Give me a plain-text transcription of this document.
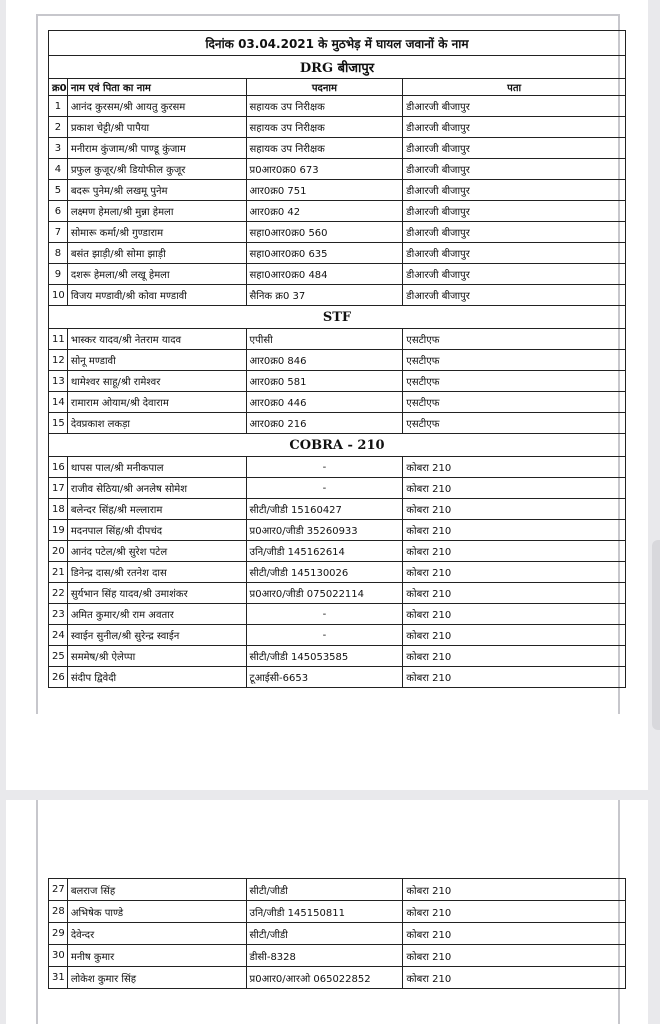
दिनांक 03.04.2021 के मुठभेड़ में घायल जवानों के नाम			
DRG बीजापुर			
क्र0	नाम एवं पिता का नाम	पदनाम	पता
1	आनंद कुरसम/श्री आयतु कुरसम	सहायक उप निरीक्षक	डीआरजी बीजापुर
2	प्रकाश चेट्टी/श्री पापैया	सहायक उप निरीक्षक	डीआरजी बीजापुर
3	मनीराम कुंजाम/श्री पाण्डू कुंजाम	सहायक उप निरीक्षक	डीआरजी बीजापुर
4	प्रफुल कुजूर/श्री डियोफील कुजूर	प्र0आर0क्र0 673	डीआरजी बीजापुर
5	बदरू पुनेम/श्री लखमू पुनेम	आर0क्र0 751	डीआरजी बीजापुर
6	लक्ष्मण हेमला/श्री मुन्ना हेमला	आर0क्र0 42	डीआरजी बीजापुर
7	सोमारू कर्मा/श्री गुण्डाराम	सहा0आर0क्र0 560	डीआरजी बीजापुर
8	बसंत झाड़ी/श्री सोमा झाड़ी	सहा0आर0क्र0 635	डीआरजी बीजापुर
9	दशरू हेमला/श्री लखू हेमला	सहा0आर0क्र0 484	डीआरजी बीजापुर
10	विजय मण्डावी/श्री कोवा मण्डावी	सैनिक क्र0 37	डीआरजी बीजापुर
STF			
11	भास्कर यादव/श्री नेतराम यादव	एपीसी	एसटीएफ
12	सोनू मण्डावी	आर0क्र0 846	एसटीएफ
13	थामेश्वर साहू/श्री रामेश्वर	आर0क्र0 581	एसटीएफ
14	रामाराम ओयाम/श्री देवाराम	आर0क्र0 446	एसटीएफ
15	देवप्रकाश लकड़ा	आर0क्र0 216	एसटीएफ
COBRA - 210			
16	थापस पाल/श्री मनीकपाल	-	कोबरा 210
17	राजीव सेठिया/श्री अनलेष सोमेश	-	कोबरा 210
18	बलेन्दर सिंह/श्री मल्लाराम	सीटी/जीडी 15160427	कोबरा 210
19	मदनपाल सिंह/श्री दीपचंद	प्र0आर0/जीडी 35260933	कोबरा 210
20	आनंद पटेल/श्री सुरेश पटेल	उनि/जीडी 145162614	कोबरा 210
21	डिनेन्द्र दास/श्री रतनेश दास	सीटी/जीडी 145130026	कोबरा 210
22	सुर्यभान सिंह यादव/श्री उमाशंकर	प्र0आर0/जीडी 075022114	कोबरा 210
23	अमित कुमार/श्री राम अवतार	-	कोबरा 210
24	स्वाईन सुनील/श्री सुरेन्द्र स्वाईन	-	कोबरा 210
25	सममेष/श्री ऐलेप्पा	सीटी/जीडी 145053585	कोबरा 210
26	संदीप द्विवेदी	टूआईसी-6653	कोबरा 210
27	बलराज सिंह	सीटी/जीडी	कोबरा 210
28	अभिषेक पाण्डे	उनि/जीडी 145150811	कोबरा 210
29	देवेन्दर	सीटी/जीडी	कोबरा 210
30	मनीष कुमार	डीसी-8328	कोबरा 210
31	लोकेश कुमार सिंह	प्र0आर0/आरओ 065022852	कोबरा 210
